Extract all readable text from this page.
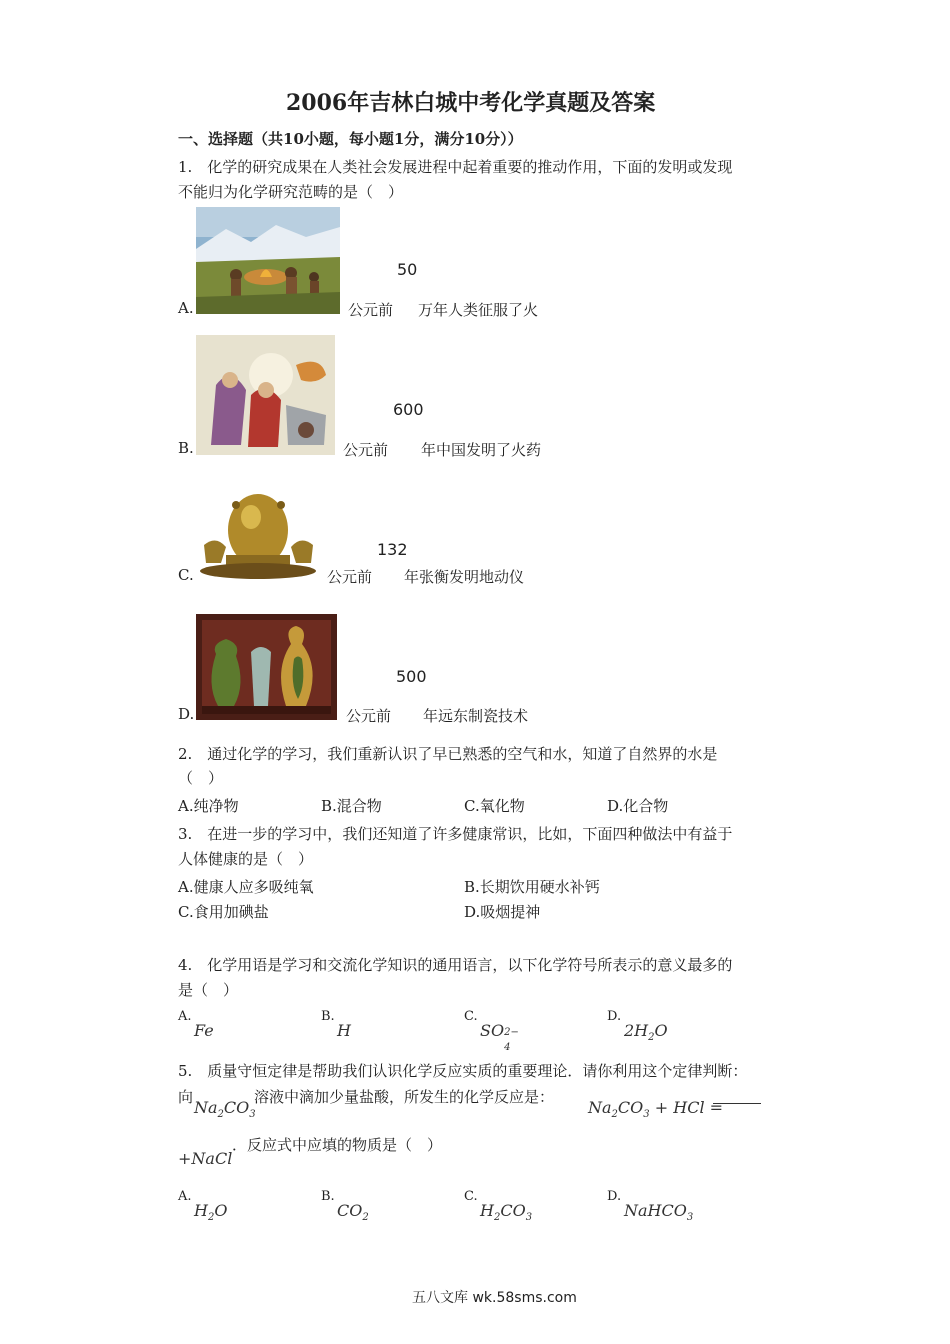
2006年吉林白城中考化学真题及答案
一、选择题（共10小题，每小题1分，满分10分））
1.　化学的研究成果在人类社会发展进程中起着重要的推动作用，下面的发明或发现
不能归为化学研究范畴的是（　）
A.
50
公元前 万年人类征服了火
B.
600
公元前 年中国发明了火药
C.
132
公元前 年张衡发明地动仪
D.
500
公元前 年远东制瓷技术
2.　通过化学的学习，我们重新认识了早已熟悉的空气和水，知道了自然界的水是
（　）
A.纯净物	B.混合物	C.氧化物	D.化合物
3.　在进一步的学习中，我们还知道了许多健康常识，比如，下面四种做法中有益于
人体健康的是（　）
A.健康人应多吸纯氧	B.长期饮用硬水补钙
C.食用加碘盐	D.吸烟提神
4.　化学用语是学习和交流化学知识的通用语言，以下化学符号所表示的意义最多的
是（　）
A.
Fe
B.
H
C.
SO 2−
4
D.
$2H_2O$
5.　质量守恒定律是帮助我们认识化学反应实质的重要理论．请你利用这个定律判断：
向
$Na_2CO_3$
溶液中滴加少量盐酸，所发生的化学反应是：
$Na_2CO_3$ + HCl =
+NaCl
．反应式中应填的物质是（　）
A.
$H_2O$
B.
$CO_2$
C.
$H_2CO_3$
D.
NaHCO$_3$
五八文库 wk.58sms.com
